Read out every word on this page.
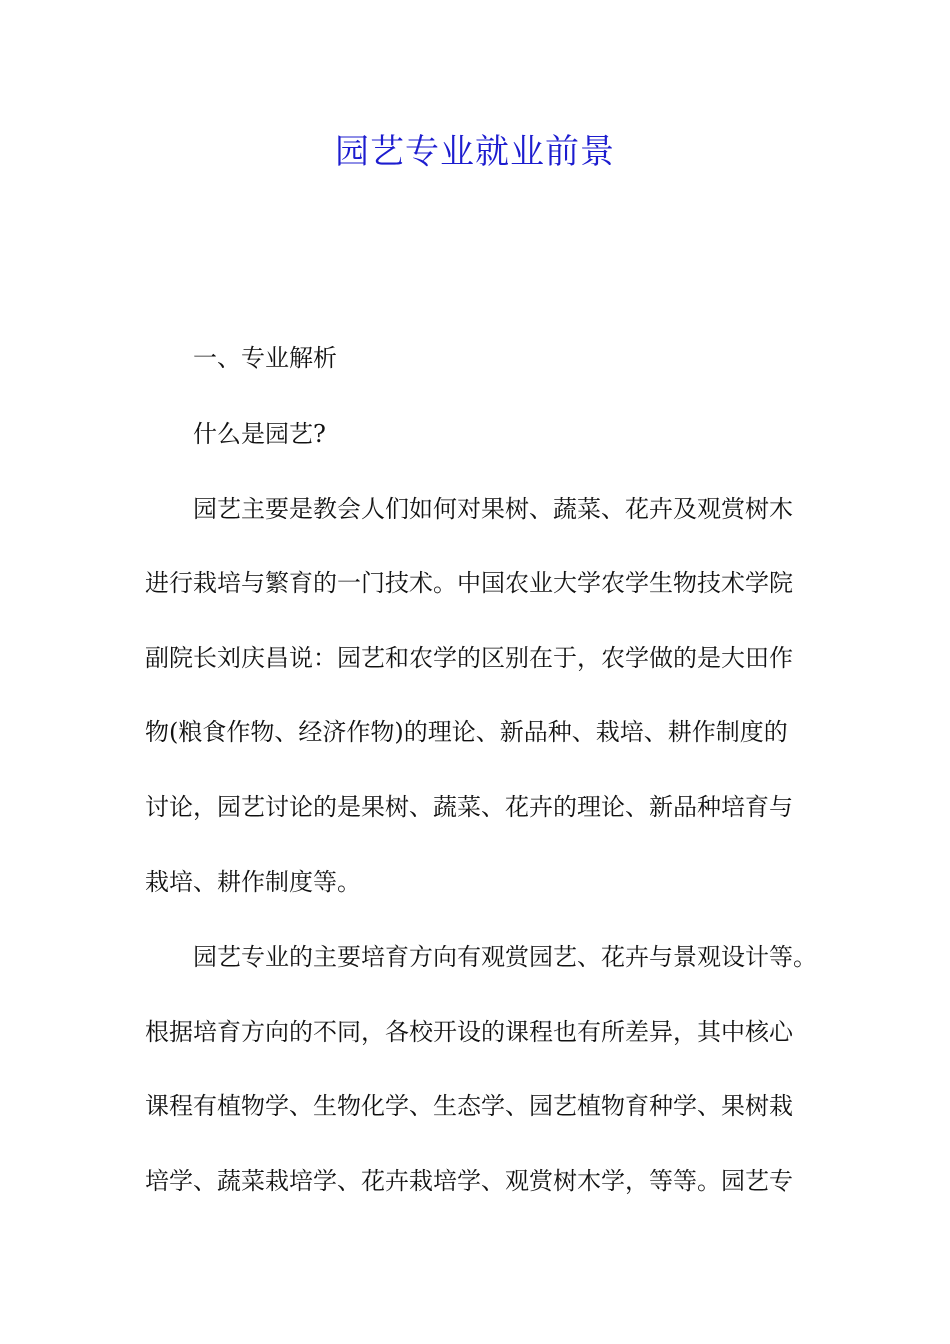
园艺专业就业前景
一、专业解析
什么是园艺?
园艺主要是教会人们如何对果树、蔬菜、花卉及观赏树木
进行栽培与繁育的一门技术。中国农业大学农学生物技术学院
副院长刘庆昌说：园艺和农学的区别在于，农学做的是大田作
物(粮食作物、经济作物)的理论、新品种、栽培、耕作制度的
讨论，园艺讨论的是果树、蔬菜、花卉的理论、新品种培育与
栽培、耕作制度等。
园艺专业的主要培育方向有观赏园艺、花卉与景观设计等。
根据培育方向的不同，各校开设的课程也有所差异，其中核心
课程有植物学、生物化学、生态学、园艺植物育种学、果树栽
培学、蔬菜栽培学、花卉栽培学、观赏树木学，等等。园艺专
